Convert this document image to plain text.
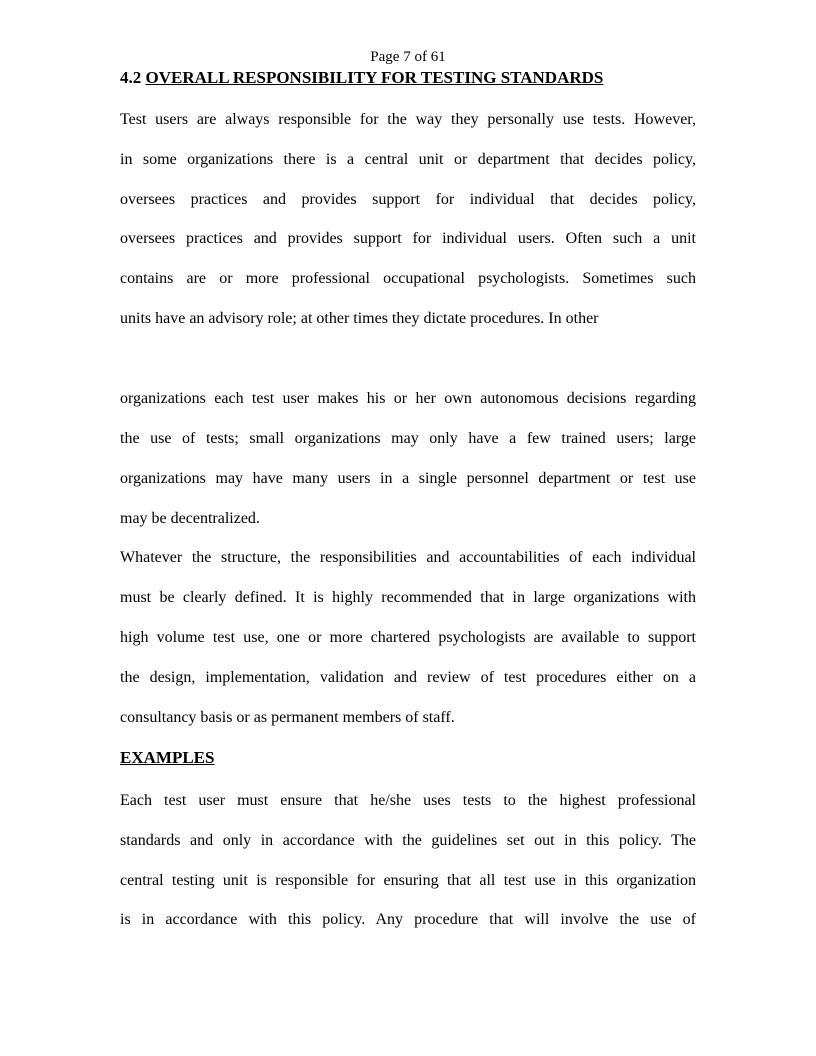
Page 7 of 61
4.2 OVERALL RESPONSIBILITY FOR TESTING STANDARDS
Test users are always responsible for the way they personally use tests. However,
in some organizations there is a central unit or department that decides policy,
oversees practices and provides support for individual that decides policy,
oversees practices and provides support for individual users. Often such a unit
contains are or more professional occupational psychologists. Sometimes such
units have an advisory role; at other times they dictate procedures. In other
organizations each test user makes his or her own autonomous decisions regarding
the use of tests; small organizations may only have a few trained users; large
organizations may have many users in a single personnel department or test use
may be decentralized.
Whatever the structure, the responsibilities and accountabilities of each individual
must be clearly defined. It is highly recommended that in large organizations with
high volume test use, one or more chartered psychologists are available to support
the design, implementation, validation and review of test procedures either on a
consultancy basis or as permanent members of staff.
EXAMPLES
Each test user must ensure that he/she uses tests to the highest professional
standards and only in accordance with the guidelines set out in this policy. The
central testing unit is responsible for ensuring that all test use in this organization
is in accordance with this policy. Any procedure that will involve the use of
